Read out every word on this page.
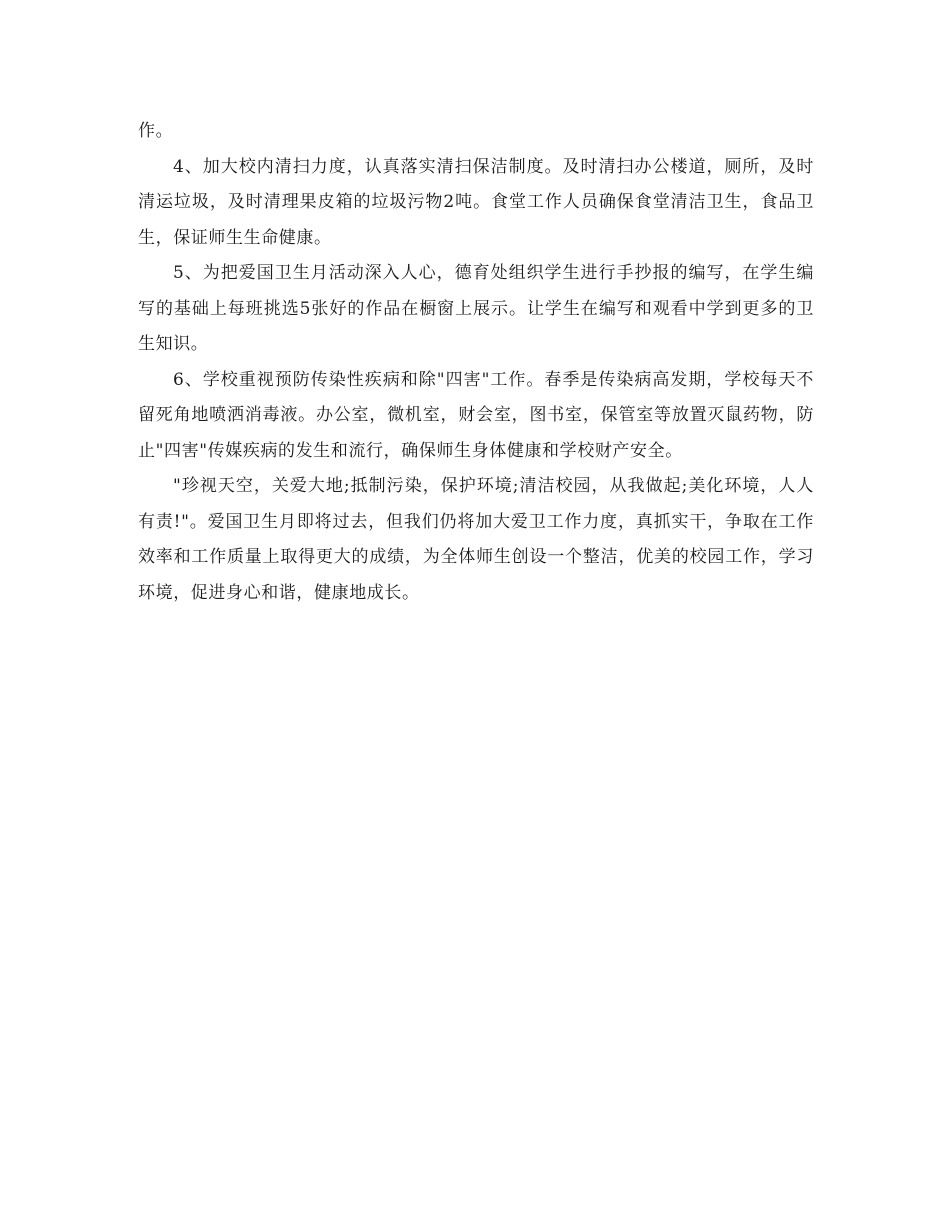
作。

4、加大校内清扫力度，认真落实清扫保洁制度。及时清扫办公楼道，厕所，及时清运垃圾，及时清理果皮箱的垃圾污物2吨。食堂工作人员确保食堂清洁卫生，食品卫生，保证师生生命健康。

5、为把爱国卫生月活动深入人心，德育处组织学生进行手抄报的编写，在学生编写的基础上每班挑选5张好的作品在橱窗上展示。让学生在编写和观看中学到更多的卫生知识。

6、学校重视预防传染性疾病和除"四害"工作。春季是传染病高发期，学校每天不留死角地喷洒消毒液。办公室，微机室，财会室，图书室，保管室等放置灭鼠药物，防止"四害"传媒疾病的发生和流行，确保师生身体健康和学校财产安全。

"珍视天空，关爱大地;抵制污染，保护环境;清洁校园，从我做起;美化环境，人人有责!"。爱国卫生月即将过去，但我们仍将加大爱卫工作力度，真抓实干，争取在工作效率和工作质量上取得更大的成绩，为全体师生创设一个整洁，优美的校园工作，学习环境，促进身心和谐，健康地成长。
